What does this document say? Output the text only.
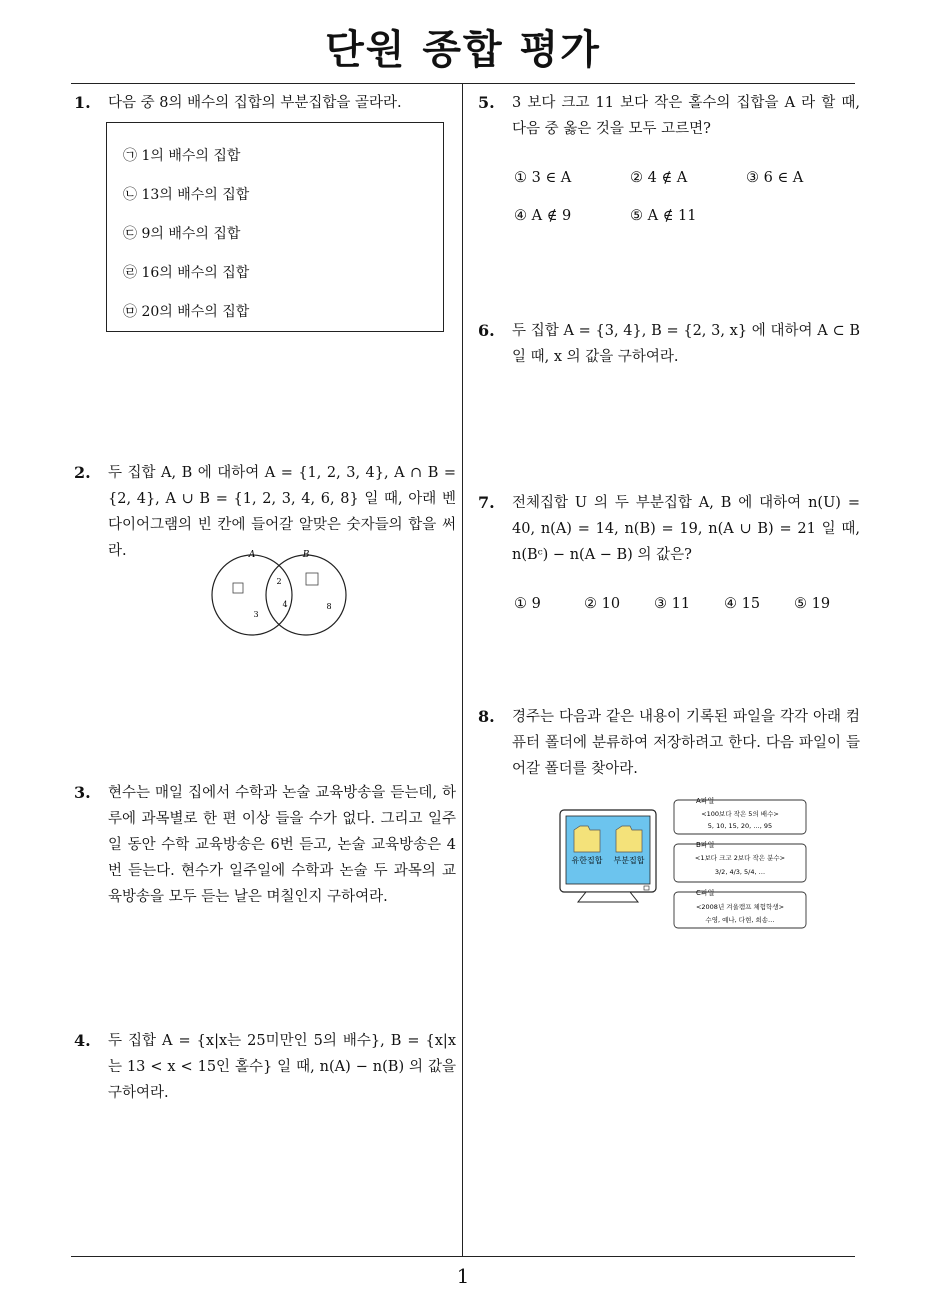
단원 종합 평가
1
1. 다음 중 8의 배수의 집합의 부분집합을 골라라.

㉠ 1의 배수의 집합
㉡ 13의 배수의 집합
㉢ 9의 배수의 집합
㉣ 16의 배수의 집합
㉤ 20의 배수의 집합
2. 두 집합 A, B 에 대하여 A = {1, 2, 3, 4}, A ∩ B = {2, 4}, A ∪ B = {1, 2, 3, 4, 6, 8} 일 때, 아래 벤 다이어그램의 빈 칸에 들어갈 알맞은 숫자들의 합을 써라.	A	B
2
3
4	8
3. 현수는 매일 집에서 수학과 논술 교육방송을 듣는데, 하루에 과목별로 한 편 이상 들을 수가 없다. 그리고 일주일 동안 수학 교육방송은 6번 듣고, 논술 교육방송은 4번 듣는다. 현수가 일주일에 수학과 논술 두 과목의 교육방송을 모두 듣는 날은 며칠인지 구하여라.

4. 두 집합 A = {x|x는 25미만인 5의 배수}, B = {x|x는 13 < x < 15인 홀수} 일 때, n(A) − n(B) 의 값을 구하여라.

5. 3 보다 크고 11 보다 작은 홀수의 집합을 A 라 할 때, 다음 중 옳은 것을 모두 고르면?

① 3 ∈ A	② 4 ∉ A	③ 6 ∈ A
④ A ∉ 9	⑤ A ∉ 11
6. 두 집합 A = {3, 4}, B = {2, 3, x} 에 대하여 A ⊂ B 일 때, x 의 값을 구하여라.

7. 전체집합 U 의 두 부분집합 A, B 에 대하여 n(U) = 40, n(A) = 14, n(B) = 19, n(A ∪ B) = 21 일 때, n(Bᶜ) − n(A − B) 의 값은?

① 9	② 10 ③ 11 ④ 15 ⑤ 19
8. 경주는 다음과 같은 내용이 기록된 파일을 각각 아래 컴퓨터 폴더에 분류하여 저장하려고 한다. 다음 파일이 들어갈 폴더를 찾아라.

유한집합 부분집합
A파일
<100보다 작은 5의 배수>
5, 10, 15, 20, …, 95
B파일
<1보다 크고 2보다 작은 분수>
3/2, 4/3, 5/4, …
C파일
<2008년 겨울캠프 체험학생>
수영, 예나, 다현, 희송…
